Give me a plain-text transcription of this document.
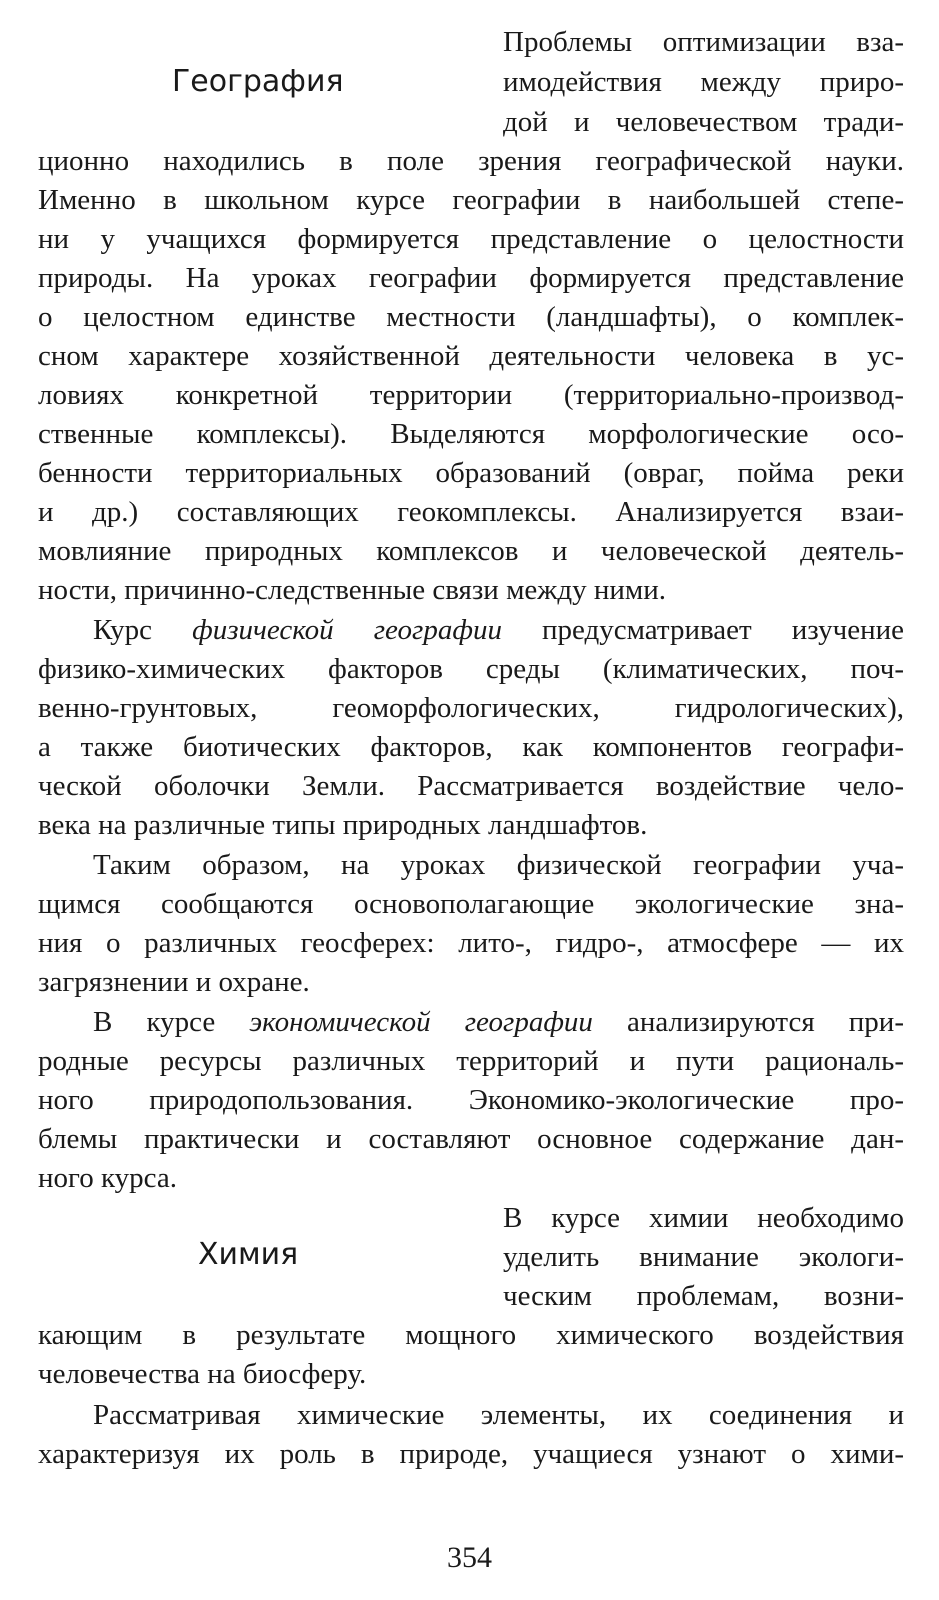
География
Проблемы оптимизации вза-
имодействия между приро-
дой и человечеством тради-
ционно находились в поле зрения географической науки.
Именно в школьном курсе географии в наибольшей степе-
ни у учащихся формируется представление о целостности
природы. На уроках географии формируется представление
о целостном единстве местности (ландшафты), о комплек-
сном характере хозяйственной деятельности человека в ус-
ловиях конкретной территории (территориально-производ-
ственные комплексы). Выделяются морфологические осо-
бенности территориальных образований (овраг, пойма реки
и др.) составляющих геокомплексы. Анализируется взаи-
мовлияние природных комплексов и человеческой деятель-
ности, причинно-следственные связи между ними.
Курс физической географии предусматривает изучение
физико-химических факторов среды (климатических, поч-
венно-грунтовых, геоморфологических, гидрологических),
а также биотических факторов, как компонентов географи-
ческой оболочки Земли. Рассматривается воздействие чело-
века на различные типы природных ландшафтов.
Таким образом, на уроках физической географии уча-
щимся сообщаются основополагающие экологические зна-
ния о различных геосферех: лито-, гидро-, атмосфере — их
загрязнении и охране.
В курсе экономической географии анализируются при-
родные ресурсы различных территорий и пути рациональ-
ного природопользования. Экономико-экологические про-
блемы практически и составляют основное содержание дан-
ного курса.
Химия
В курсе химии необходимо
уделить внимание экологи-
ческим проблемам, возни-
кающим в результате мощного химического воздействия
человечества на биосферу.
Рассматривая химические элементы, их соединения и
характеризуя их роль в природе, учащиеся узнают о хими-
354
